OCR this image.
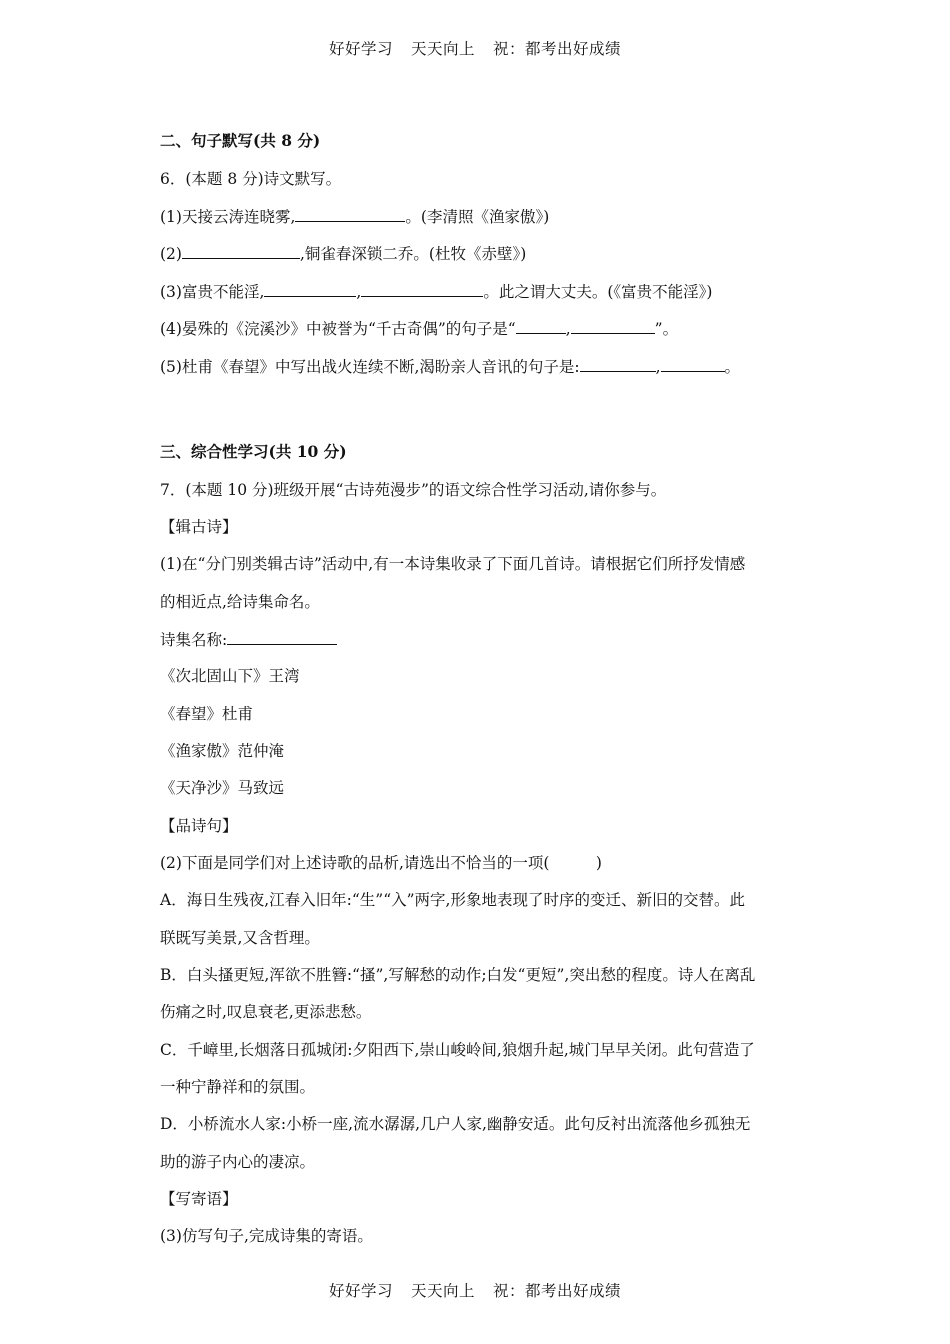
好好学习 天天向上 祝：都考出好成绩
二、句子默写(共 8 分)
6．(本题 8 分)诗文默写。
(1)天接云涛连晓雾,	。(李清照《渔家傲》)
(2)	,铜雀春深锁二乔。(杜牧《赤壁》)
(3)富贵不能淫,	,	。此之谓大丈夫。(《富贵不能淫》)
(4)晏殊的《浣溪沙》中被誉为“千古奇偶”的句子是“	,	”。
(5)杜甫《春望》中写出战火连续不断,渴盼亲人音讯的句子是:	,	。
三、综合性学习(共 10 分)
7．(本题 10 分)班级开展“古诗苑漫步”的语文综合性学习活动,请你参与。
【辑古诗】
(1)在“分门别类辑古诗”活动中,有一本诗集收录了下面几首诗。请根据它们所抒发情感
的相近点,给诗集命名。
诗集名称:
《次北固山下》王湾
《春望》杜甫
《渔家傲》范仲淹
《天净沙》马致远
【品诗句】
(2)下面是同学们对上述诗歌的品析,请选出不恰当的一项(　　　)
A．海日生残夜,江春入旧年:“生”“入”两字,形象地表现了时序的变迁、新旧的交替。此
联既写美景,又含哲理。
B．白头搔更短,浑欲不胜簪:“搔”,写解愁的动作;白发“更短”,突出愁的程度。诗人在离乱
伤痛之时,叹息衰老,更添悲愁。
C．千嶂里,长烟落日孤城闭:夕阳西下,崇山峻岭间,狼烟升起,城门早早关闭。此句营造了
一种宁静祥和的氛围。
D．小桥流水人家:小桥一座,流水潺潺,几户人家,幽静安适。此句反衬出流落他乡孤独无
助的游子内心的凄凉。
【写寄语】
(3)仿写句子,完成诗集的寄语。
好好学习 天天向上 祝：都考出好成绩
